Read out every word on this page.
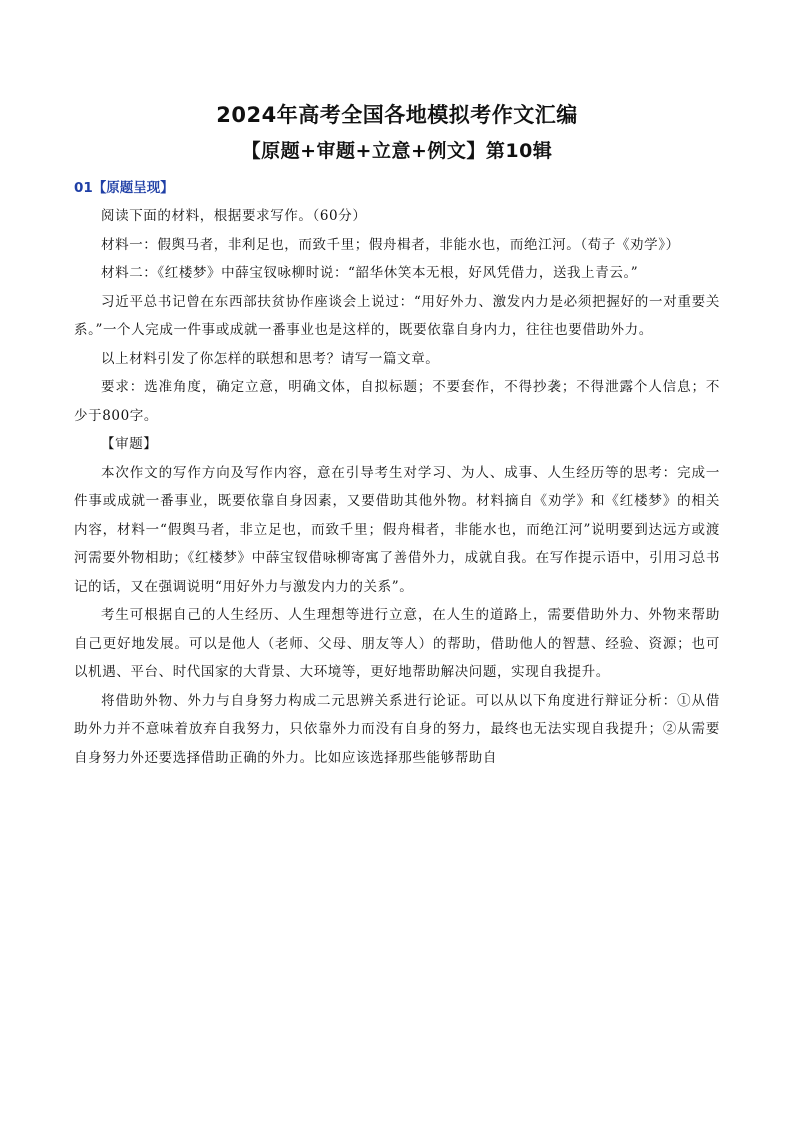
2024年高考全国各地模拟考作文汇编
【原题+审题+立意+例文】第10辑
01【原题呈现】

阅读下面的材料，根据要求写作。（60分）

材料一：假舆马者，非利足也，而致千里；假舟楫者，非能水也，而绝江河。（荀子《劝学》）

材料二：《红楼梦》中薛宝钗咏柳时说：“韶华休笑本无根，好风凭借力，送我上青云。”

习近平总书记曾在东西部扶贫协作座谈会上说过：“用好外力、激发内力是必须把握好的一对重要关系。”一个人完成一件事或成就一番事业也是这样的，既要依靠自身内力，往往也要借助外力。

以上材料引发了你怎样的联想和思考？请写一篇文章。

要求：选准角度，确定立意，明确文体，自拟标题；不要套作，不得抄袭；不得泄露个人信息；不少于800字。

【审题】

本次作文的写作方向及写作内容，意在引导考生对学习、为人、成事、人生经历等的思考：完成一件事或成就一番事业，既要依靠自身因素，又要借助其他外物。材料摘自《劝学》和《红楼梦》的相关内容，材料一“假舆马者，非立足也，而致千里；假舟楫者，非能水也，而绝江河”说明要到达远方或渡河需要外物相助；《红楼梦》中薛宝钗借咏柳寄寓了善借外力，成就自我。在写作提示语中，引用习总书记的话，又在强调说明“用好外力与激发内力的关系”。

考生可根据自己的人生经历、人生理想等进行立意，在人生的道路上，需要借助外力、外物来帮助自己更好地发展。可以是他人（老师、父母、朋友等人）的帮助，借助他人的智慧、经验、资源；也可以机遇、平台、时代国家的大背景、大环境等，更好地帮助解决问题，实现自我提升。

将借助外物、外力与自身努力构成二元思辨关系进行论证。可以从以下角度进行辩证分析：①从借助外力并不意味着放弃自我努力，只依靠外力而没有自身的努力，最终也无法实现自我提升；②从需要自身努力外还要选择借助正确的外力。比如应该选择那些能够帮助自
